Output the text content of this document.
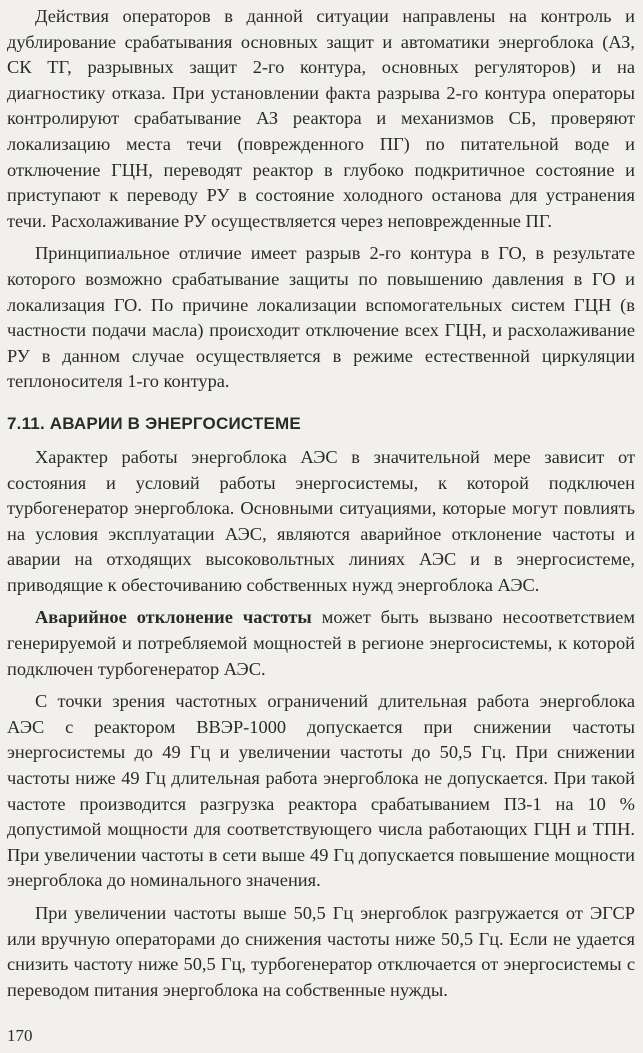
Действия операторов в данной ситуации направлены на контроль и дублирование срабатывания основных защит и автоматики энергоблока (АЗ, СК ТГ, разрывных защит 2-го контура, основных регуляторов) и на диагностику отказа. При установлении факта разрыва 2-го контура операторы контролируют срабатывание АЗ реактора и механизмов СБ, проверяют локализацию места течи (поврежденного ПГ) по питательной воде и отключение ГЦН, переводят реактор в глубоко подкритичное состояние и приступают к переводу РУ в состояние холодного останова для устранения течи. Расхолаживание РУ осуществляется через неповрежденные ПГ.

Принципиальное отличие имеет разрыв 2-го контура в ГО, в результате которого возможно срабатывание защиты по повышению давления в ГО и локализация ГО. По причине локализации вспомогательных систем ГЦН (в частности подачи масла) происходит отключение всех ГЦН, и расхолаживание РУ в данном случае осуществляется в режиме естественной циркуляции теплоносителя 1-го контура.

7.11. АВАРИИ В ЭНЕРГОСИСТЕМЕ

Характер работы энергоблока АЭС в значительной мере зависит от состояния и условий работы энергосистемы, к которой подключен турбогенератор энергоблока. Основными ситуациями, которые могут повлиять на условия эксплуатации АЭС, являются аварийное отклонение частоты и аварии на отходящих высоковольтных линиях АЭС и в энергосистеме, приводящие к обесточиванию собственных нужд энергоблока АЭС.

Аварийное отклонение частоты может быть вызвано несоответствием генерируемой и потребляемой мощностей в регионе энергосистемы, к которой подключен турбогенератор АЭС.

С точки зрения частотных ограничений длительная работа энергоблока АЭС с реактором ВВЭР-1000 допускается при снижении частоты энергосистемы до 49 Гц и увеличении частоты до 50,5 Гц. При снижении частоты ниже 49 Гц длительная работа энергоблока не допускается. При такой частоте производится разгрузка реактора срабатыванием ПЗ-1 на 10 % допустимой мощности для соответствующего числа работающих ГЦН и ТПН. При увеличении частоты в сети выше 49 Гц допускается повышение мощности энергоблока до номинального значения.

При увеличении частоты выше 50,5 Гц энергоблок разгружается от ЭГСР или вручную операторами до снижения частоты ниже 50,5 Гц. Если не удается снизить частоту ниже 50,5 Гц, турбогенератор отключается от энергосистемы с переводом питания энергоблока на собственные нужды.

170
